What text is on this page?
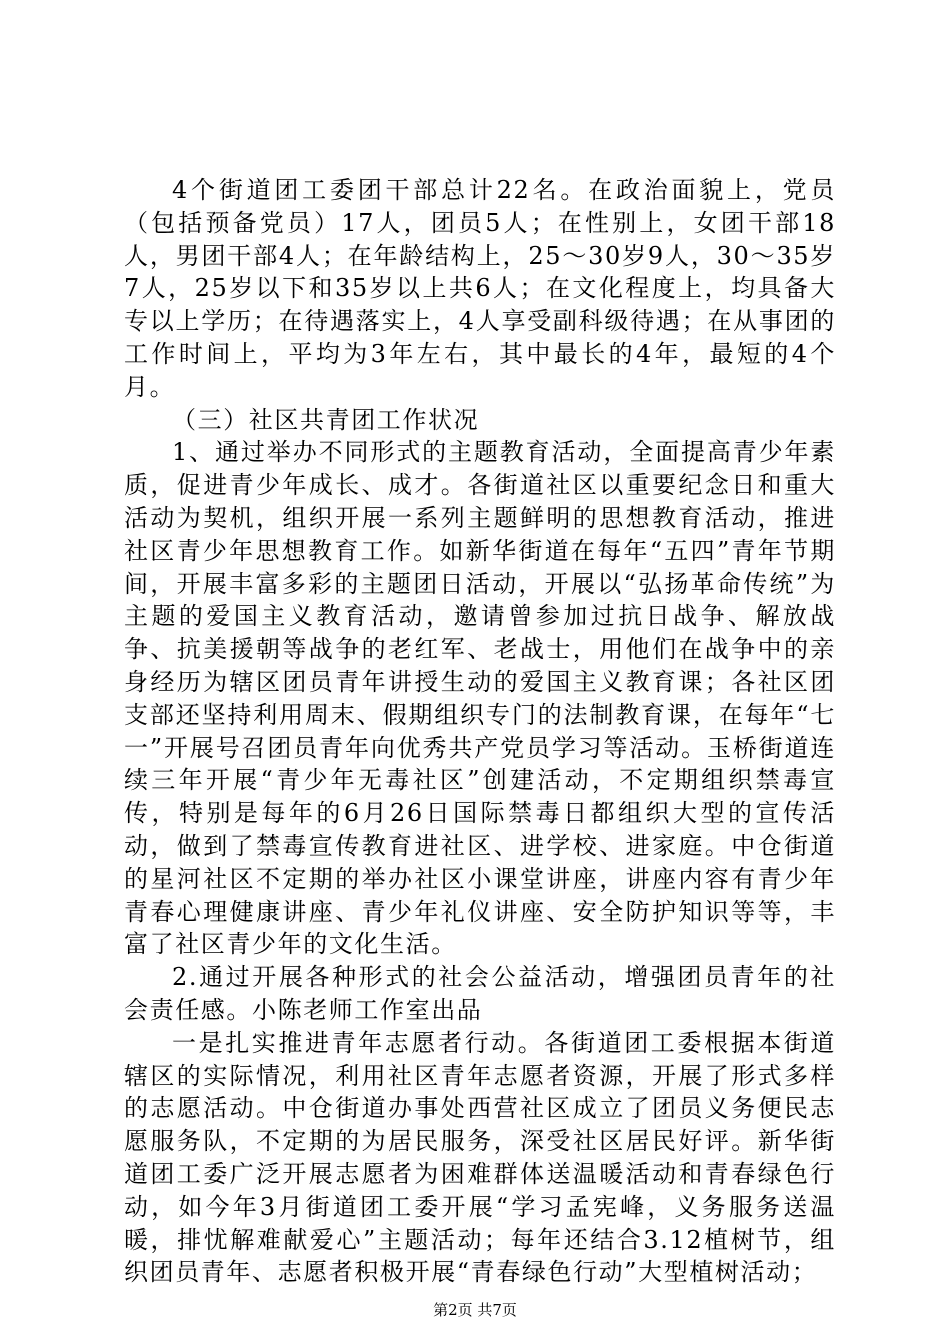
4个街道团工委团干部总计22名。在政治面貌上，党员（包括预备党员）17人，团员5人；在性别上，女团干部18人，男团干部4人；在年龄结构上，25～30岁9人，30～35岁7人，25岁以下和35岁以上共6人；在文化程度上，均具备大专以上学历；在待遇落实上，4人享受副科级待遇；在从事团的工作时间上，平均为3年左右，其中最长的4年，最短的4个月。

（三）社区共青团工作状况

1、通过举办不同形式的主题教育活动，全面提高青少年素质，促进青少年成长、成才。各街道社区以重要纪念日和重大活动为契机，组织开展一系列主题鲜明的思想教育活动，推进社区青少年思想教育工作。如新华街道在每年“五四”青年节期间，开展丰富多彩的主题团日活动，开展以“弘扬革命传统”为主题的爱国主义教育活动，邀请曾参加过抗日战争、解放战争、抗美援朝等战争的老红军、老战士，用他们在战争中的亲身经历为辖区团员青年讲授生动的爱国主义教育课；各社区团支部还坚持利用周末、假期组织专门的法制教育课，在每年“七一”开展号召团员青年向优秀共产党员学习等活动。玉桥街道连续三年开展“青少年无毒社区”创建活动，不定期组织禁毒宣传，特别是每年的6月26日国际禁毒日都组织大型的宣传活动，做到了禁毒宣传教育进社区、进学校、进家庭。中仓街道的星河社区不定期的举办社区小课堂讲座，讲座内容有青少年青春心理健康讲座、青少年礼仪讲座、安全防护知识等等，丰富了社区青少年的文化生活。

2.通过开展各种形式的社会公益活动，增强团员青年的社会责任感。小陈老师工作室出品

一是扎实推进青年志愿者行动。各街道团工委根据本街道辖区的实际情况，利用社区青年志愿者资源，开展了形式多样的志愿活动。中仓街道办事处西营社区成立了团员义务便民志愿服务队，不定期的为居民服务，深受社区居民好评。新华街道团工委广泛开展志愿者为困难群体送温暖活动和青春绿色行动，如今年3月街道团工委开展“学习孟宪峰，义务服务送温暖，排忧解难献爱心”主题活动；每年还结合3.12植树节，组织团员青年、志愿者积极开展“青春绿色行动”大型植树活动；

第2页 共7页
